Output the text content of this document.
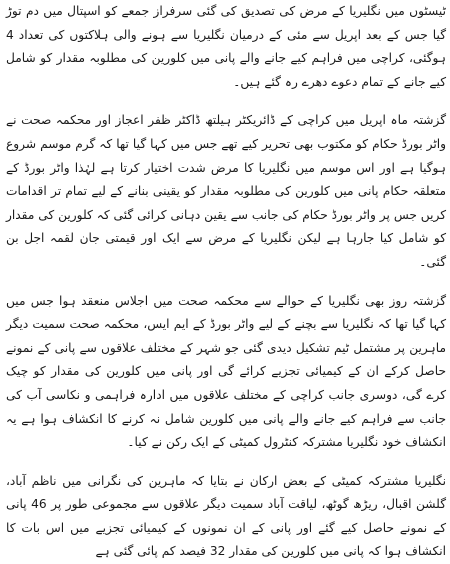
ٹیسٹوں میں نگلیریا کے مرض کی تصدیق کی گئی سرفراز جمعے کو اسپتال میں دم توڑ گیا جس کے بعد اپریل سے مئی کے درمیان نگلیریا سے ہونے والی ہلاکتوں کی تعداد 4 ہوگئی، کراچی میں فراہم کیے جانے والے پانی میں کلورین کی مطلوبہ مقدار کو شامل کیے جانے کے تمام دعوے دھرے رہ گئے ہیں۔

گزشتہ ماہ اپریل میں کراچی کے ڈائریکٹر ہیلتھ ڈاکٹر ظفر اعجاز اور محکمہ صحت نے واٹر بورڈ حکام کو مکتوب بھی تحریر کیے تھے جس میں کہا گیا تھا کہ گرم موسم شروع ہوگیا ہے اور اس موسم میں نگلیریا کا مرض شدت اختیار کرتا ہے لہٰذا واٹر بورڈ کے متعلقہ حکام پانی میں کلورین کی مطلوبہ مقدار کو یقینی بنانے کے لیے تمام تر اقدامات کریں جس پر واٹر بورڈ حکام کی جانب سے یقین دہانی کرائی گئی کہ کلورین کی مقدار کو شامل کیا جارہا ہے لیکن نگلیریا کے مرض سے ایک اور قیمتی جان لقمہ اجل بن گئی۔

گزشتہ روز بھی نگلیریا کے حوالے سے محکمہ صحت میں اجلاس منعقد ہوا جس میں کہا گیا تھا کہ نگلیریا سے بچنے کے لیے واٹر بورڈ کے ایم ایس، محکمہ صحت سمیت دیگر ماہرین پر مشتمل ٹیم تشکیل دیدی گئی جو شہر کے مختلف علاقوں سے پانی کے نمونے حاصل کرکے ان کے کیمیائی تجزیے کرائے گی اور پانی میں کلورین کی مقدار کو چیک کرے گی، دوسری جانب کراچی کے مختلف علاقوں میں ادارہ فراہمی و نکاسی آب کی جانب سے فراہم کیے جانے والے پانی میں کلورین شامل نہ کرنے کا انکشاف ہوا ہے یہ انکشاف خود نگلیریا مشترکہ کنٹرول کمیٹی کے ایک رکن نے کیا۔

نگلیریا مشترکہ کمیٹی کے بعض ارکان نے بتایا کہ ماہرین کی نگرانی میں ناظم آباد، گلشن اقبال، ریڑھ گوٹھ، لیاقت آباد سمیت دیگر علاقوں سے مجموعی طور پر 46 پانی کے نمونے حاصل کیے گئے اور پانی کے ان نمونوں کے کیمیائی تجزیے میں اس بات کا انکشاف ہوا کہ پانی میں کلورین کی مقدار 32 فیصد کم پائی گئی ہے
